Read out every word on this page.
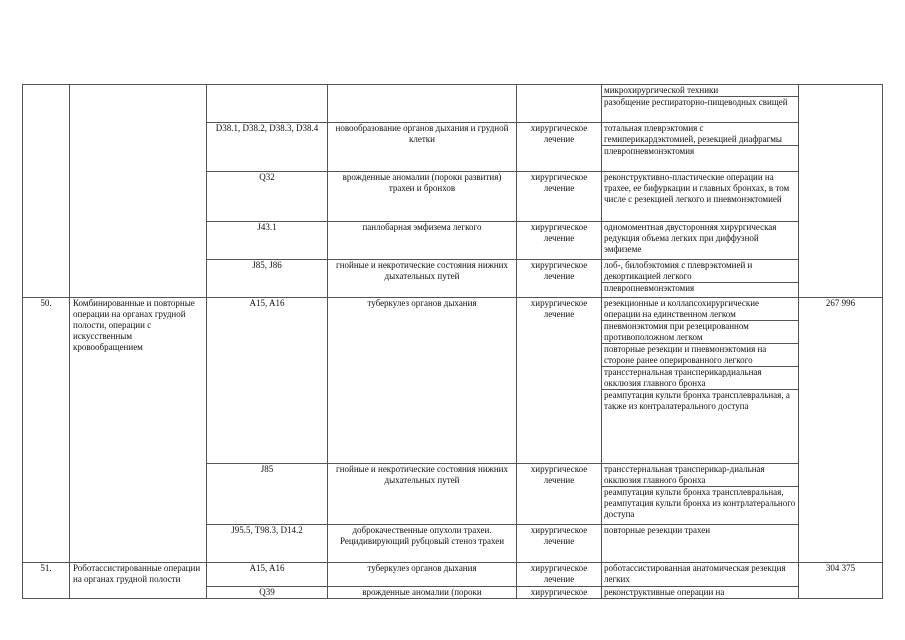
					микрохирургической техники
разобщение респираторно-пищеводных свищей	

		D38.1, D38.2, D38.3, D38.4	новообразование органов дыхания и грудной клетки	хирургическое лечение	тотальная плеврэктомия с гемиперикардэктомией, резекцией диафрагмы
плевропневмонэктомия	

		Q32	врожденные аномалии (пороки развития) трахеи и бронхов	хирургическое лечение	реконструктивно-пластические операции на трахее, ее бифуркации и главных бронхах, в том числе с резекцией легкого и пневмонэктомией	

		J43.1	панлобарная эмфизема легкого	хирургическое лечение	одномоментная двусторонняя хирургическая редукция объема легких при диффузной эмфиземе	

		J85, J86	гнойные и некротические состояния нижних дыхательных путей	хирургическое лечение	лоб-, билобэктомия с плеврэктомией и декортикацией легкого
плевропневмонэктомия	

50.	Комбинированные и повторные операции на органах грудной полости, операции с искусственным кровообращением	A15, A16	туберкулез органов дыхания	хирургическое лечение	резекционные и коллапсохирургические операции на единственном легком
пневмонэктомия при резецированном противоположном легком
повторные резекции и пневмонэктомия на стороне ранее оперированного легкого
трансстернальная трансперикардиальная окклюзия главного бронха
реампутация культи бронха трансплевральная, а также из контралатерального доступа	267 996
		J85	гнойные и некротические состояния нижних дыхательных путей	хирургическое лечение	трансстернальная трансперикар-диальная окклюзия главного бронха
реампутация культи бронха трансплевральная, реампутация культи бронха из контрлатерального доступа	

		J95.5, T98.3, D14.2	доброкачественные опухоли трахеи. Рецидивирующий рубцовый стеноз трахеи	хирургическое лечение	повторные резекции трахеи	

51.	Роботассистированные операции на органах грудной полости	A15, A16	туберкулез органов дыхания	хирургическое лечение	роботассистированная анатомическая резекция легких	304 375
		Q39	врожденные аномалии (пороки	хирургическое	реконструктивные операции на	
